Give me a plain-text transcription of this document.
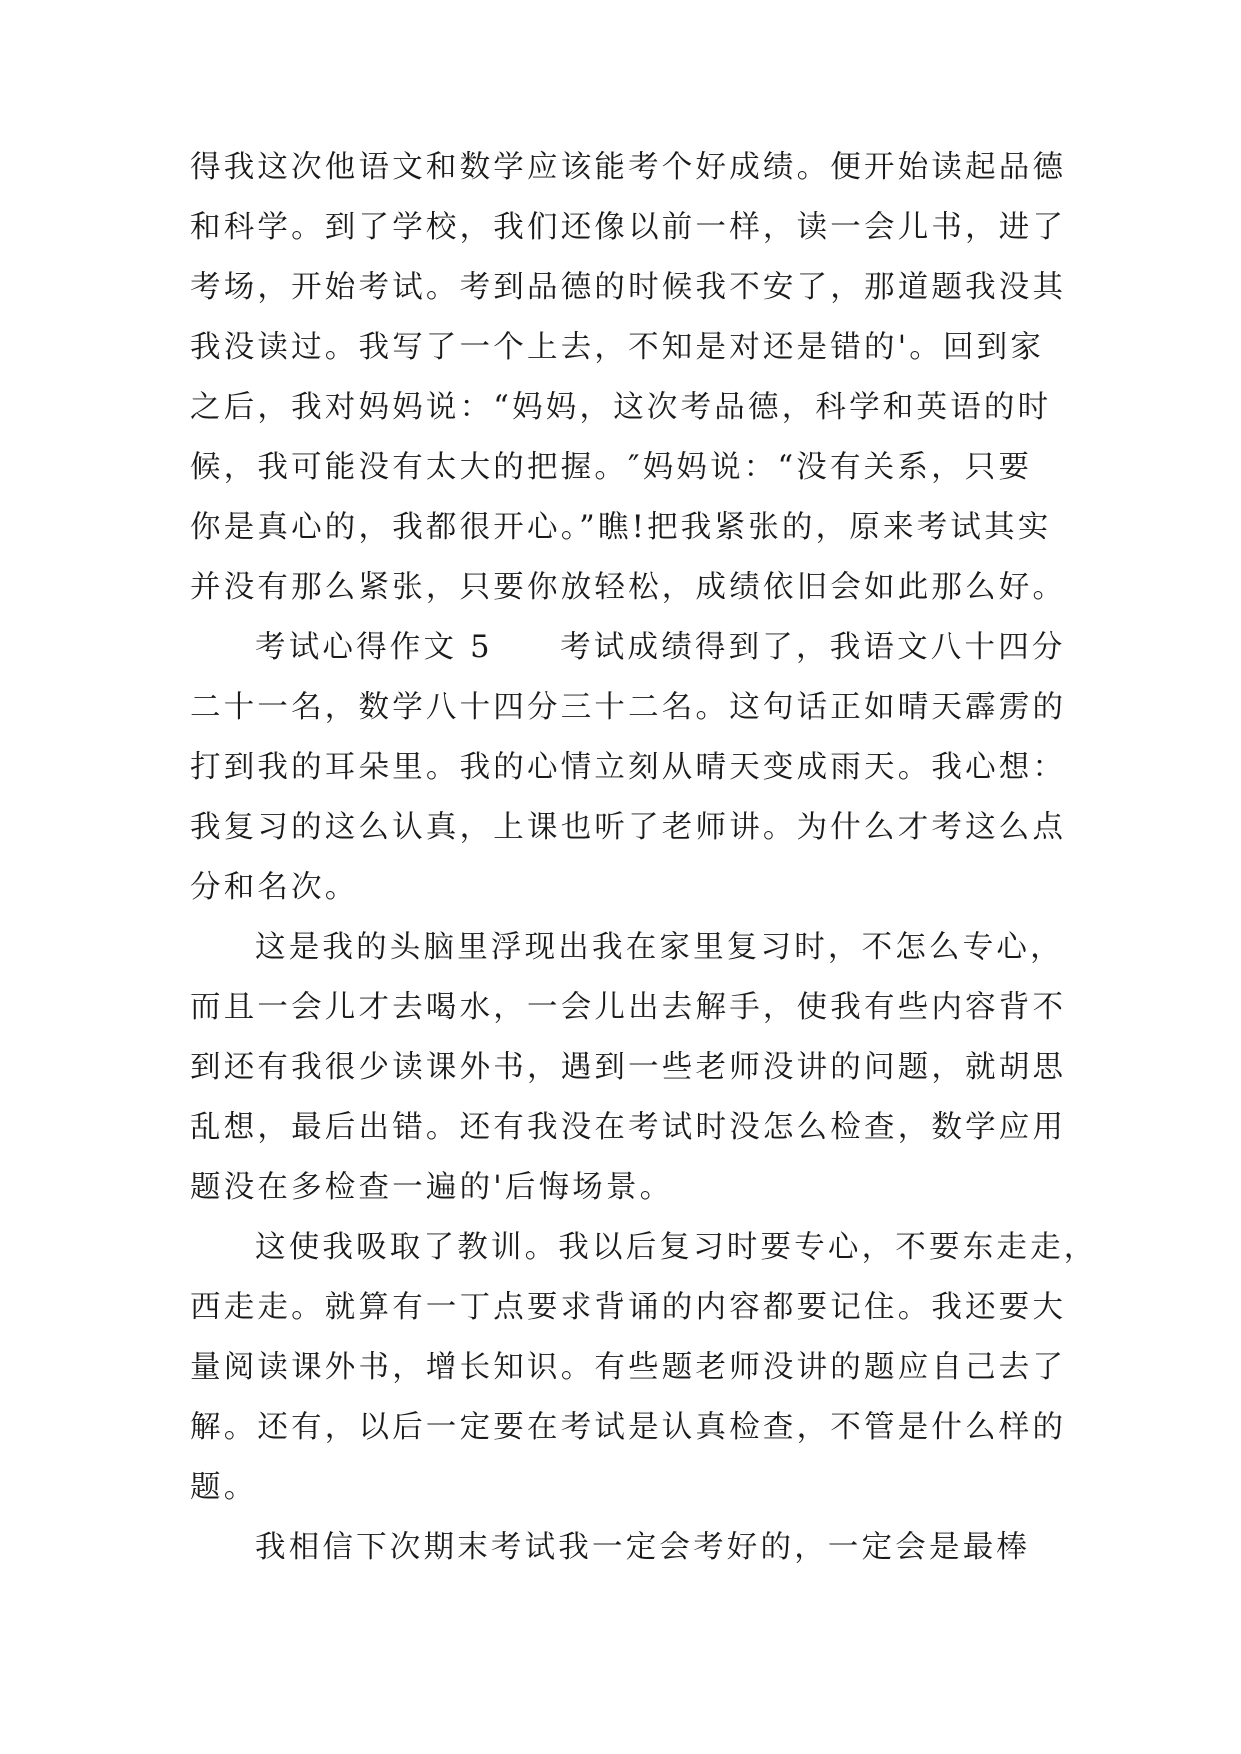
得我这次他语文和数学应该能考个好成绩。便开始读起品德
和科学。到了学校，我们还像以前一样，读一会儿书，进了
考场，开始考试。考到品德的时候我不安了，那道题我没其
我没读过。我写了一个上去，不知是对还是错的'。回到家
之后，我对妈妈说：“妈妈，这次考品德，科学和英语的时
候，我可能没有太大的把握。″妈妈说：“没有关系，只要
你是真心的，我都很开心。”瞧!把我紧张的，原来考试其实
并没有那么紧张，只要你放轻松，成绩依旧会如此那么好。
考试心得作文 5　　考试成绩得到了，我语文八十四分
二十一名，数学八十四分三十二名。这句话正如晴天霹雳的
打到我的耳朵里。我的心情立刻从晴天变成雨天。我心想：
我复习的这么认真，上课也听了老师讲。为什么才考这么点
分和名次。
这是我的头脑里浮现出我在家里复习时，不怎么专心，
而且一会儿才去喝水，一会儿出去解手，使我有些内容背不
到还有我很少读课外书，遇到一些老师没讲的问题，就胡思
乱想，最后出错。还有我没在考试时没怎么检查，数学应用
题没在多检查一遍的'后悔场景。
这使我吸取了教训。我以后复习时要专心，不要东走走，
西走走。就算有一丁点要求背诵的内容都要记住。我还要大
量阅读课外书，增长知识。有些题老师没讲的题应自己去了
解。还有，以后一定要在考试是认真检查，不管是什么样的
题。
我相信下次期末考试我一定会考好的，一定会是最棒
